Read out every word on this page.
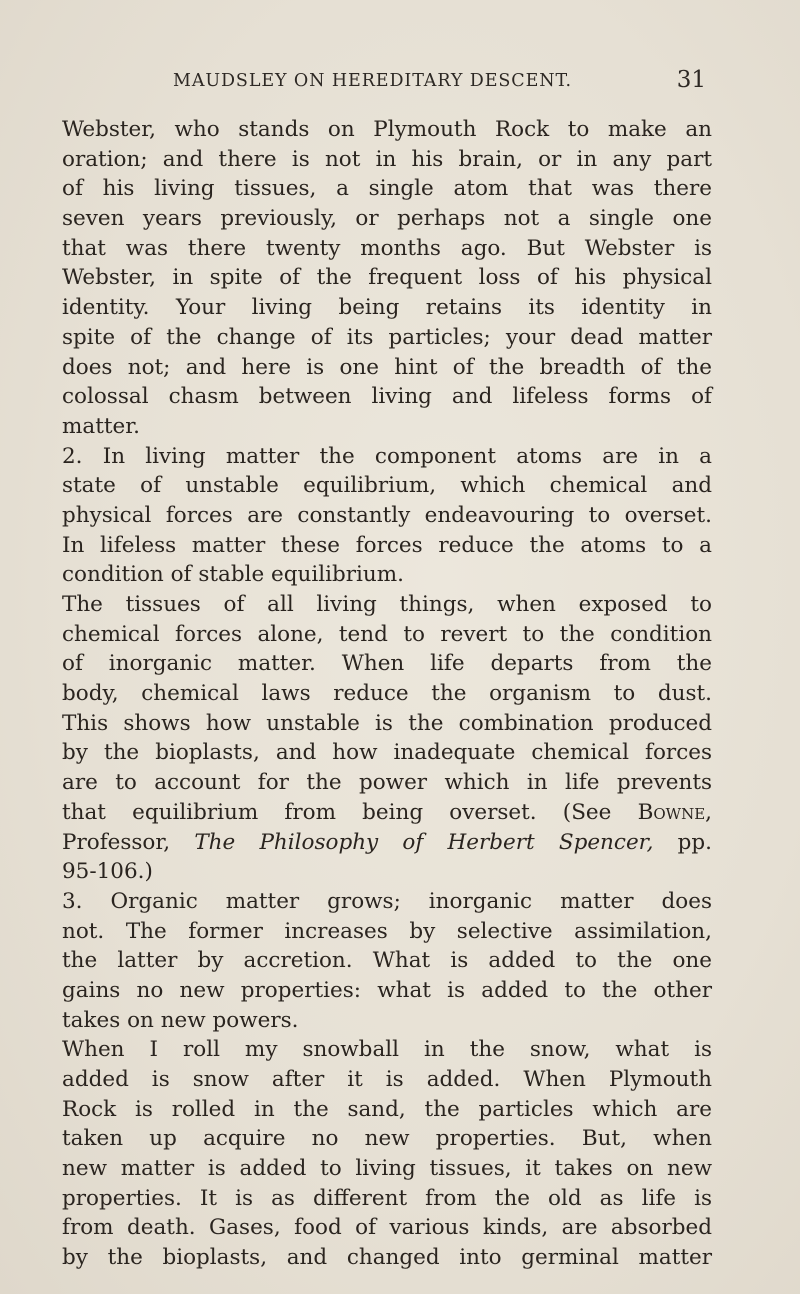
MAUDSLEY ON HEREDITARY DESCENT.	31
Webster, who stands on Plymouth Rock to make an
oration; and there is not in his brain, or in any part
of his living tissues, a single atom that was there
seven years previously, or perhaps not a single one
that was there twenty months ago. But Webster is
Webster, in spite of the frequent loss of his physical
identity. Your living being retains its identity in
spite of the change of its particles; your dead matter
does not; and here is one hint of the breadth of the
colossal chasm between living and lifeless forms of
matter.
2. In living matter the component atoms are in a
state of unstable equilibrium, which chemical and
physical forces are constantly endeavouring to overset.
In lifeless matter these forces reduce the atoms to a
condition of stable equilibrium.
The tissues of all living things, when exposed to
chemical forces alone, tend to revert to the condition
of inorganic matter. When life departs from the
body, chemical laws reduce the organism to dust.
This shows how unstable is the combination produced
by the bioplasts, and how inadequate chemical forces
are to account for the power which in life prevents
that equilibrium from being overset. (See Bowne,
Professor, The Philosophy of Herbert Spencer, pp.
95-106.)
3. Organic matter grows; inorganic matter does
not. The former increases by selective assimilation,
the latter by accretion. What is added to the one
gains no new properties: what is added to the other
takes on new powers.
When I roll my snowball in the snow, what is
added is snow after it is added. When Plymouth
Rock is rolled in the sand, the particles which are
taken up acquire no new properties. But, when
new matter is added to living tissues, it takes on new
properties. It is as different from the old as life is
from death. Gases, food of various kinds, are absorbed
by the bioplasts, and changed into germinal matter
